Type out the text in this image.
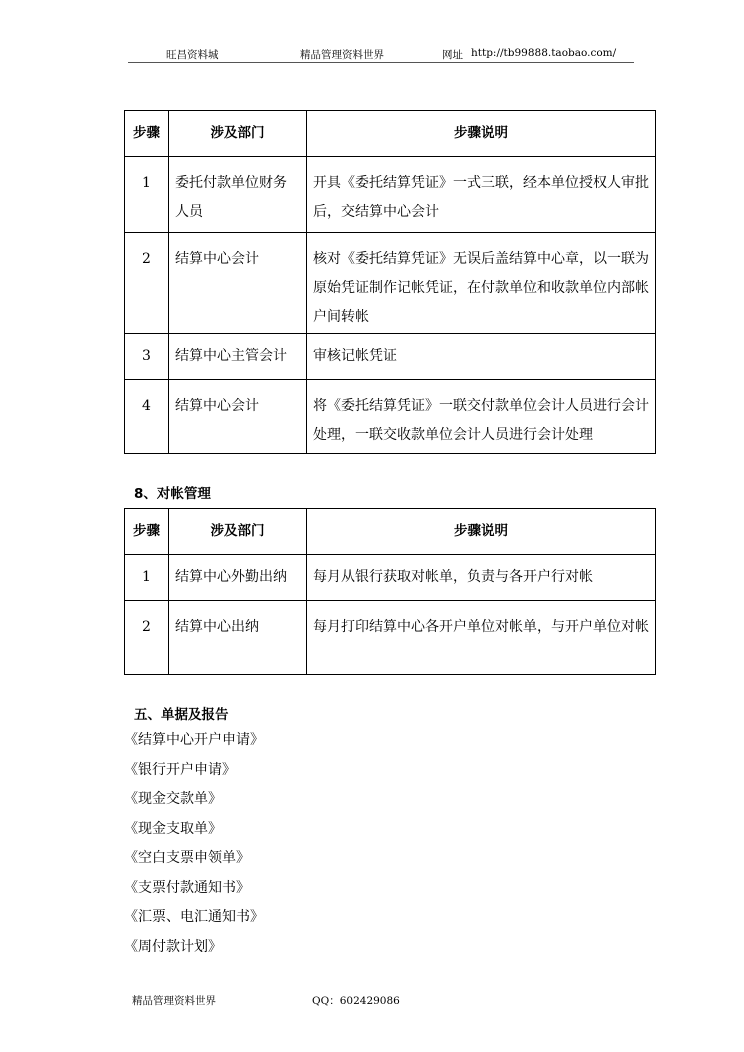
旺昌资料城	精品管理资料世界	网址 http://tb99888.taobao.com/
步骤	涉及部门	步骤说明
1	委托付款单位财务人员	开具《委托结算凭证》一式三联，经本单位授权人审批后，交结算中心会计
2	结算中心会计	核对《委托结算凭证》无误后盖结算中心章，以一联为原始凭证制作记帐凭证，在付款单位和收款单位内部帐户间转帐
3	结算中心主管会计	审核记帐凭证
4	结算中心会计	将《委托结算凭证》一联交付款单位会计人员进行会计处理，一联交收款单位会计人员进行会计处理
8、对帐管理
步骤	涉及部门	步骤说明
1	结算中心外勤出纳	每月从银行获取对帐单，负责与各开户行对帐
2	结算中心出纳	每月打印结算中心各开户单位对帐单，与开户单位对帐
五、单据及报告
《结算中心开户申请》
《银行开户申请》
《现金交款单》
《现金支取单》
《空白支票申领单》
《支票付款通知书》
《汇票、电汇通知书》
《周付款计划》
精品管理资料世界	QQ：602429086
